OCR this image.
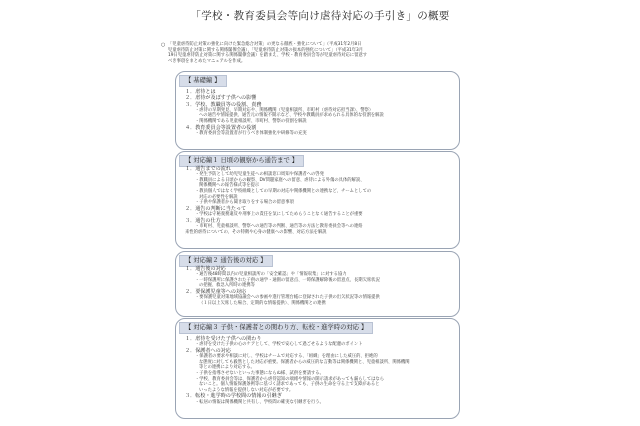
「学校・教育委員会等向け虐待対応の手引き」の概要
○ 「児童虐待防止対策の強化に向けた緊急総合対策」の更なる徹底・強化について」（平成31年2月8日
児童虐待防止対策に関する関係閣僚会議）、「児童虐待防止対策の抜本的強化について」（平成31年3月
19日児童虐待防止対策に関する関係閣僚会議）を踏まえ、学校・教育委員会等が児童虐待対応に留意す
べき事項をまとめたマニュアルを作成。
【 基礎編 】
１．虐待とは
２．虐待が及ぼす子供への影響
３．学校、教職員等の役割、責務
・虐待の早期発見、早期対応や、関係機関（児童相談所、市町村（虐待対応担当課）、警察）
への通告や情報提供、通告元の情報不開示など、学校や教職員が求められる具体的な役割を解説
・関係機関である児童相談所、市町村、警察の役割を解説
４．教育委員会等設置者の役割
・教育委員会等設置者が行うべき体制強化や研修等の充実
【 対応編１ 日頃の観察から通告まで 】
１．通告までの流れ
・発生予防として幼児児童生徒への相談窓口周知や保護者への啓発
・教職員による日頃からの観察、DV問題家庭への留意、虐待による外傷の具体的解説、
関係機関への報告様式等を提示
・教員個人ではなく学校組織としての早期の対応や関係機関との連携など、チームとしての
対応の必要性を解説
・子供や保護者から聞き取りをする場合の留意事項
２．通告の判断に当たって
・学校は守秘義務違反や刑事上の責任を気にしてためらうことなく通告することが重要
３．通告の仕方
・市町村、児童相談所、警察への通告等の判断、通告等の方法と教育委員会等への連絡
来性的虐待についての、その特徴や心身の健康への影響、対応方法を解説
【 対応編２ 通告後の対応 】
１．通告後の対応
・通告後48時間以内の児童相談所の「安全確認」や「情報収集」に対する協力
・一時保護所に保護された子供の通学・通園の留意点、一時保護解除後の留意点、長期欠席状況
の把握、救急入所時の連携等
２．要保護児童等への対応
・要保護児童対策地域協議会への参画や進行管理台帳に登録された子供の出欠状況等の情報提供
（１日以上欠席した場合、定期的な情報提供）、関係機関との連携
【 対応編３ 子供・保護者との関わり方、転校・進学時の対応 】
１．虐待を受けた子供への関わり
・虐待を受けた子供の心のケアとして、学校で安心して過ごせるような配慮のポイント
２．保護者への対応
・保護者の要求や相談に対し、学校はチームで対応する、「組織」を理由にした威圧的、拒絶的
な態度に対しても毅然とした対応が重要。保護者からの威圧的な言動等は関係機関と、児童相談所、関係機関
等との連携により対応する。
・子供を指導させないといった事態にならぬ様、試供を要請する。
・学校、教育委員会等は、保護者から虐待認知の端緒や情報の開示請求があっても漏らしてはなら
ないこと。個人情報保護条例等に基づく請求であっても、子供の生命を守る上で支障があると
いったような情報を提供しない対応が必要です。
３．転校・進学時の学校間の情報の引継ぎ
・転居の情報は関係機関と共有し、学校間の確実な引継ぎを行う。
